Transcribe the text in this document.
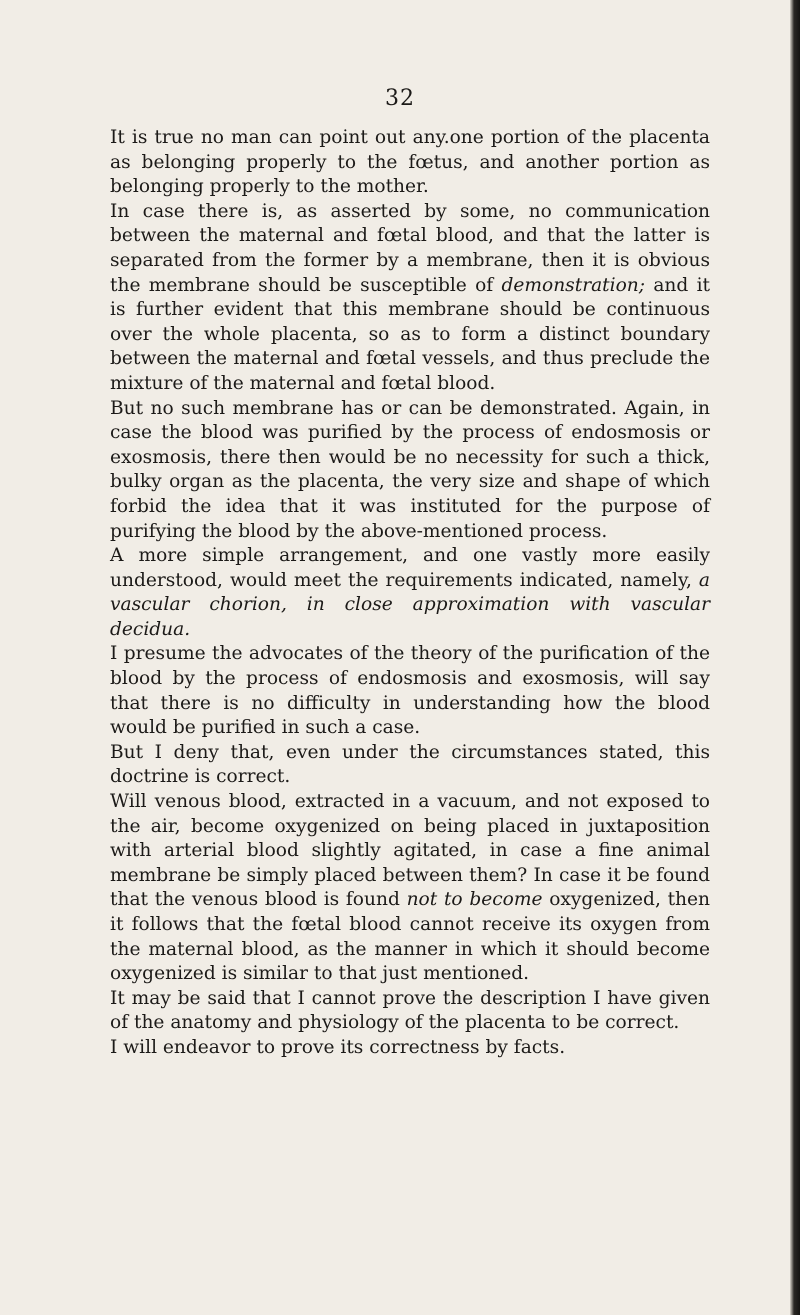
32

It is true no man can point out any.one portion of the placenta as belonging properly to the fœtus, and another portion as belonging properly to the mother.

In case there is, as asserted by some, no communication between the maternal and fœtal blood, and that the latter is separated from the former by a membrane, then it is obvious the membrane should be susceptible of demonstration; and it is further evident that this membrane should be continuous over the whole placenta, so as to form a distinct boundary between the maternal and fœtal vessels, and thus preclude the mixture of the maternal and fœtal blood.

But no such membrane has or can be demonstrated. Again, in case the blood was purified by the process of endosmosis or exosmosis, there then would be no necessity for such a thick, bulky organ as the placenta, the very size and shape of which forbid the idea that it was instituted for the purpose of purifying the blood by the above-mentioned process.

A more simple arrangement, and one vastly more easily understood, would meet the requirements indicated, namely, a vascular chorion, in close approximation with vascular decidua.

I presume the advocates of the theory of the purification of the blood by the process of endosmosis and exosmosis, will say that there is no difficulty in understanding how the blood would be purified in such a case.

But I deny that, even under the circumstances stated, this doctrine is correct.

Will venous blood, extracted in a vacuum, and not exposed to the air, become oxygenized on being placed in juxtaposition with arterial blood slightly agitated, in case a fine animal membrane be simply placed between them? In case it be found that the venous blood is found not to become oxygenized, then it follows that the fœtal blood cannot receive its oxygen from the maternal blood, as the manner in which it should become oxygenized is similar to that just mentioned.

It may be said that I cannot prove the description I have given of the anatomy and physiology of the placenta to be correct.

I will endeavor to prove its correctness by facts.
